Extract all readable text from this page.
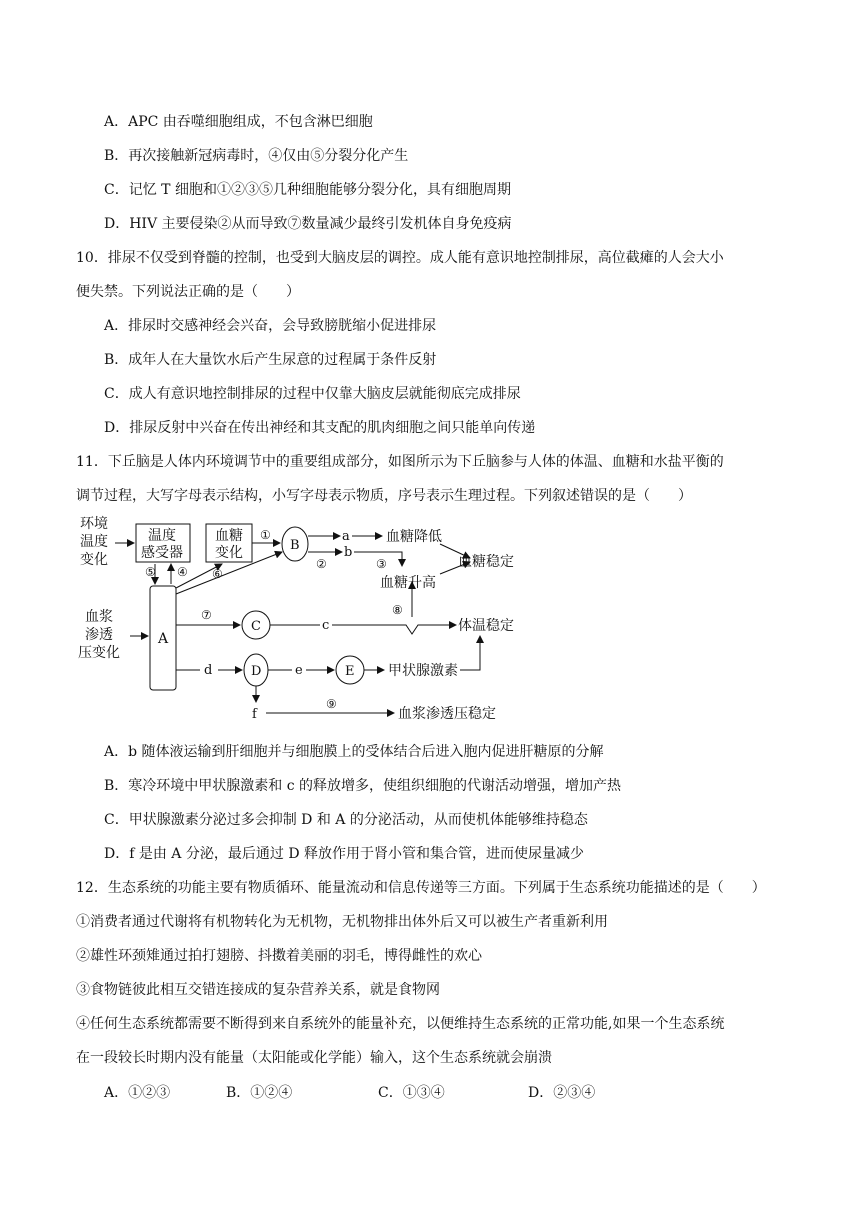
A．APC 由吞噬细胞组成，不包含淋巴细胞
B．再次接触新冠病毒时，④仅由⑤分裂分化产生
C．记忆 T 细胞和①②③⑤几种细胞能够分裂分化，具有细胞周期
D．HIV 主要侵染②从而导致⑦数量减少最终引发机体自身免疫病
10．排尿不仅受到脊髓的控制，也受到大脑皮层的调控。成人能有意识地控制排尿，高位截瘫的人会大小
便失禁。下列说法正确的是（　　）
A．排尿时交感神经会兴奋，会导致膀胱缩小促进排尿
B．成年人在大量饮水后产生尿意的过程属于条件反射
C．成人有意识地控制排尿的过程中仅靠大脑皮层就能彻底完成排尿
D．排尿反射中兴奋在传出神经和其支配的肌肉细胞之间只能单向传递
11．下丘脑是人体内环境调节中的重要组成部分，如图所示为下丘脑参与人体的体温、血糖和水盐平衡的
调节过程，大写字母表示结构，小写字母表示物质，序号表示生理过程。下列叙述错误的是（　　）
环境
温度
变化
温度
感受器
血糖
变化
血浆
渗透
压变化
A
B
C
D	E
a
b
c
d	e
f
①
②	③
④
⑤	⑥
⑦	⑧
⑨
血糖降低
血糖升高
血糖稳定
体温稳定
甲状腺激素
血浆渗透压稳定
A．b 随体液运输到肝细胞并与细胞膜上的受体结合后进入胞内促进肝糖原的分解
B．寒冷环境中甲状腺激素和 c 的释放增多，使组织细胞的代谢活动增强，增加产热
C．甲状腺激素分泌过多会抑制 D 和 A 的分泌活动，从而使机体能够维持稳态
D．f 是由 A 分泌，最后通过 D 释放作用于肾小管和集合管，进而使尿量减少
12．生态系统的功能主要有物质循环、能量流动和信息传递等三方面。下列属于生态系统功能描述的是（　　）
①消费者通过代谢将有机物转化为无机物，无机物排出体外后又可以被生产者重新利用
②雄性环颈雉通过拍打翅膀、抖擞着美丽的羽毛，博得雌性的欢心
③食物链彼此相互交错连接成的复杂营养关系，就是食物网
④任何生态系统都需要不断得到来自系统外的能量补充，以便维持生态系统的正常功能,如果一个生态系统
在一段较长时期内没有能量（太阳能或化学能）输入，这个生态系统就会崩溃
A．①②③	B．①②④	C．①③④	D．②③④
